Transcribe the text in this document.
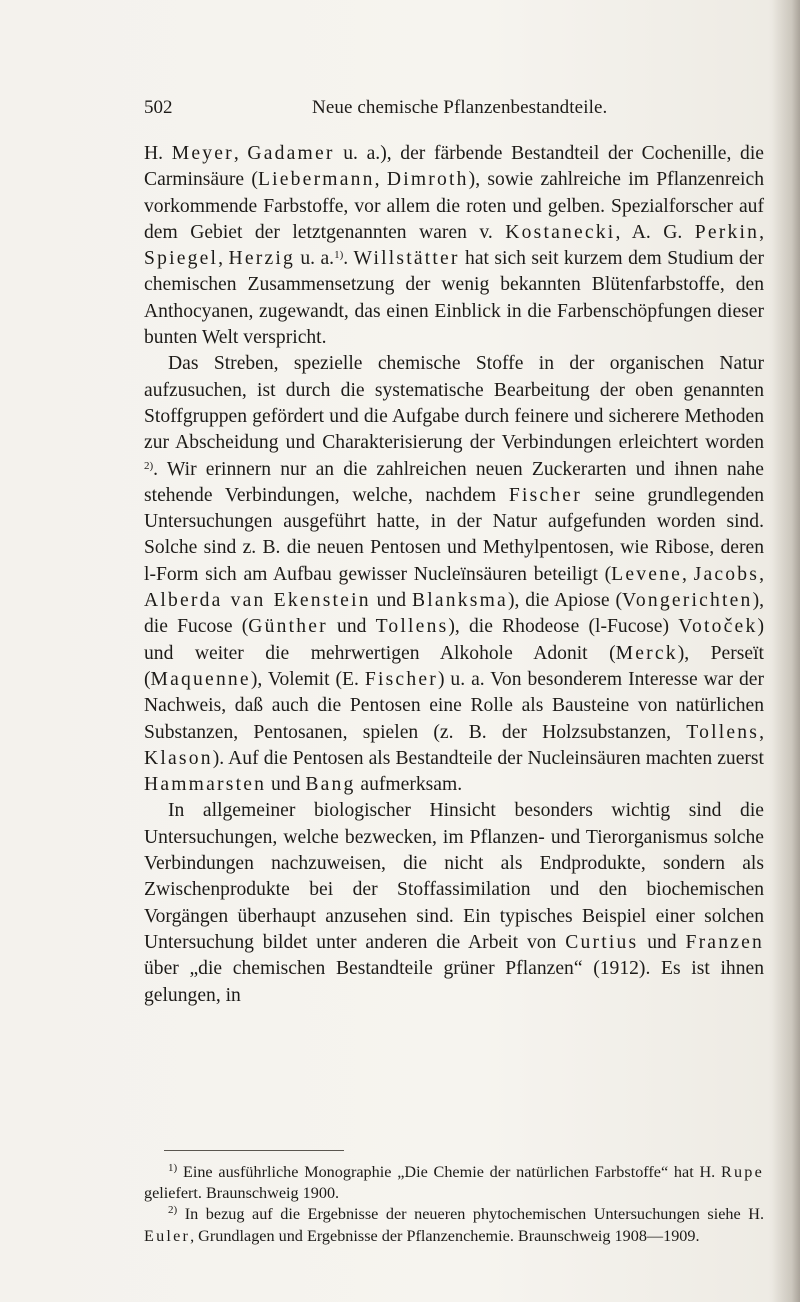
502	Neue chemische Pflanzenbestandteile.

H. Meyer, Gadamer u. a.), der färbende Bestandteil der Cochenille, die Carminsäure (Liebermann, Dimroth), sowie zahlreiche im Pflanzenreich vorkommende Farbstoffe, vor allem die roten und gelben. Spezialforscher auf dem Gebiet der letztgenannten waren v. Kostanecki, A. G. Perkin, Spiegel, Herzig u. a.$^{1)}$. Willstätter hat sich seit kurzem dem Studium der chemischen Zusammensetzung der wenig bekannten Blütenfarbstoffe, den Anthocyanen, zugewandt, das einen Einblick in die Farbenschöpfungen dieser bunten Welt verspricht.

Das Streben, spezielle chemische Stoffe in der organischen Natur aufzusuchen, ist durch die systematische Bearbeitung der oben genannten Stoffgruppen gefördert und die Aufgabe durch feinere und sicherere Methoden zur Abscheidung und Charakterisierung der Verbindungen erleichtert worden $^{2)}$. Wir erinnern nur an die zahlreichen neuen Zuckerarten und ihnen nahe stehende Verbindungen, welche, nachdem Fischer seine grundlegenden Untersuchungen ausgeführt hatte, in der Natur aufgefunden worden sind. Solche sind z. B. die neuen Pentosen und Methylpentosen, wie Ribose, deren l-Form sich am Aufbau gewisser Nucleïnsäuren beteiligt (Levene, Jacobs, Alberda van Ekenstein und Blanksma), die Apiose (Vongerichten), die Fucose (Günther und Tollens), die Rhodeose (l-Fucose) Votoček) und weiter die mehrwertigen Alkohole Adonit (Merck), Perseït (Maquenne), Volemit (E. Fischer) u. a. Von besonderem Interesse war der Nachweis, daß auch die Pentosen eine Rolle als Bausteine von natürlichen Substanzen, Pentosanen, spielen (z. B. der Holzsubstanzen, Tollens, Klason). Auf die Pentosen als Bestandteile der Nucleinsäuren machten zuerst Hammarsten und Bang aufmerksam.

In allgemeiner biologischer Hinsicht besonders wichtig sind die Untersuchungen, welche bezwecken, im Pflanzen- und Tierorganismus solche Verbindungen nachzuweisen, die nicht als Endprodukte, sondern als Zwischenprodukte bei der Stoffassimilation und den biochemischen Vorgängen überhaupt anzusehen sind. Ein typisches Beispiel einer solchen Untersuchung bildet unter anderen die Arbeit von Curtius und Franzen über „die chemischen Bestandteile grüner Pflanzen“ (1912). Es ist ihnen gelungen, in

$^{1)}$ Eine ausführliche Monographie „Die Chemie der natürlichen Farbstoffe“ hat H. Rupe geliefert. Braunschweig 1900.

$^{2)}$ In bezug auf die Ergebnisse der neueren phytochemischen Untersuchungen siehe H. Euler, Grundlagen und Ergebnisse der Pflanzenchemie. Braunschweig 1908—1909.
